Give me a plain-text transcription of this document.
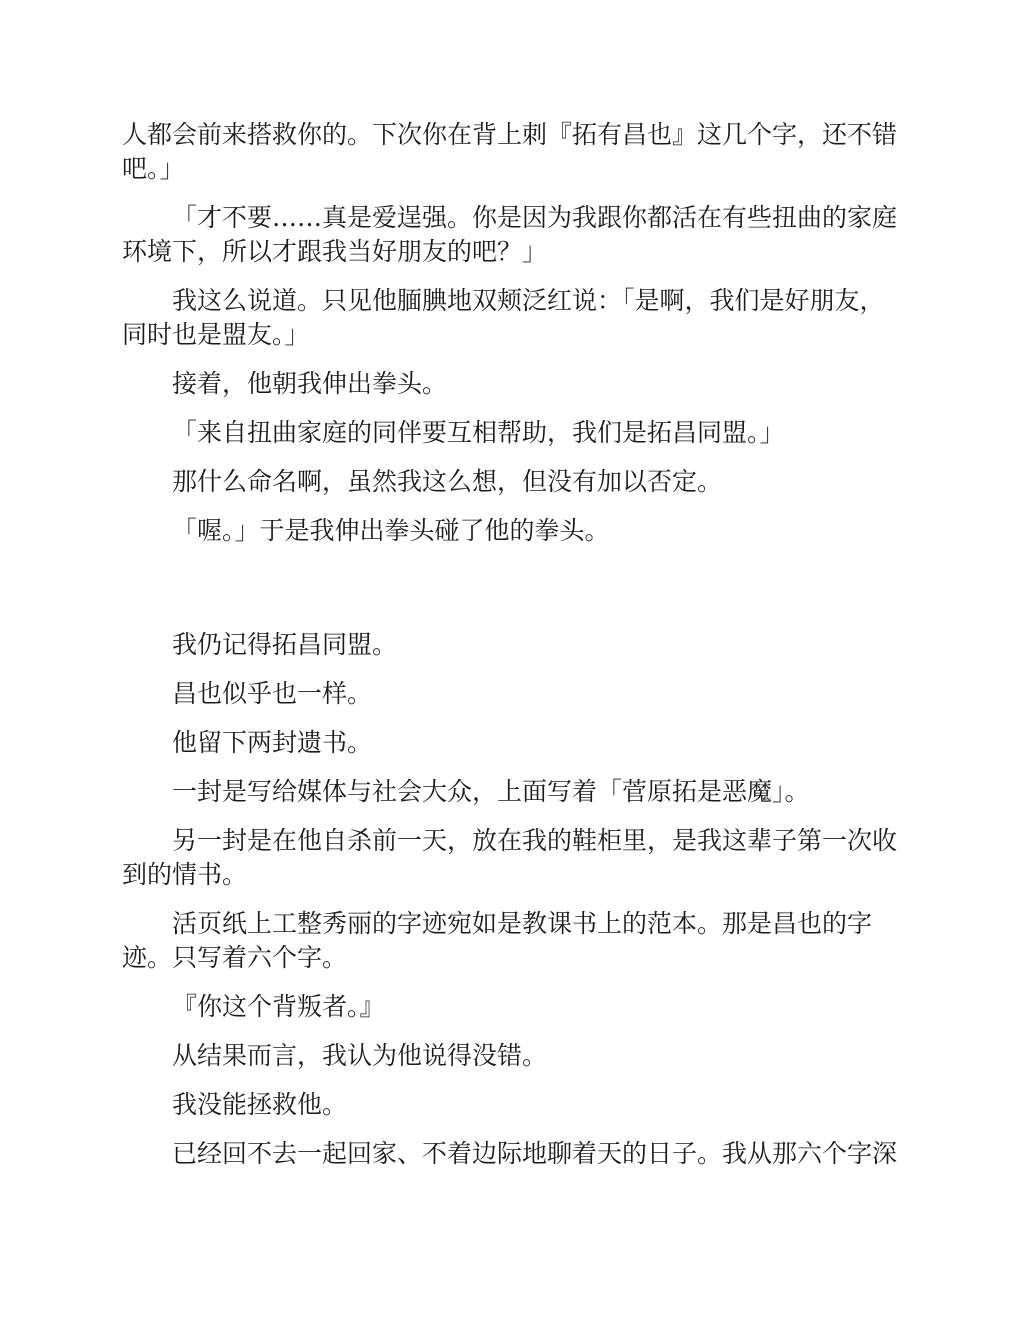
人都会前来搭救你的。下次你在背上刺『拓有昌也』这几个字，还不错吧。」

「才不要……真是爱逞强。你是因为我跟你都活在有些扭曲的家庭环境下，所以才跟我当好朋友的吧？」

我这么说道。只见他腼腆地双颊泛红说：「是啊，我们是好朋友，同时也是盟友。」

接着，他朝我伸出拳头。

「来自扭曲家庭的同伴要互相帮助，我们是拓昌同盟。」

那什么命名啊，虽然我这么想，但没有加以否定。

「喔。」于是我伸出拳头碰了他的拳头。

我仍记得拓昌同盟。

昌也似乎也一样。

他留下两封遗书。

一封是写给媒体与社会大众，上面写着「菅原拓是恶魔」。

另一封是在他自杀前一天，放在我的鞋柜里，是我这辈子第一次收到的情书。

活页纸上工整秀丽的字迹宛如是教课书上的范本。那是昌也的字迹。只写着六个字。

『你这个背叛者。』

从结果而言，我认为他说得没错。

我没能拯救他。

已经回不去一起回家、不着边际地聊着天的日子。我从那六个字深
